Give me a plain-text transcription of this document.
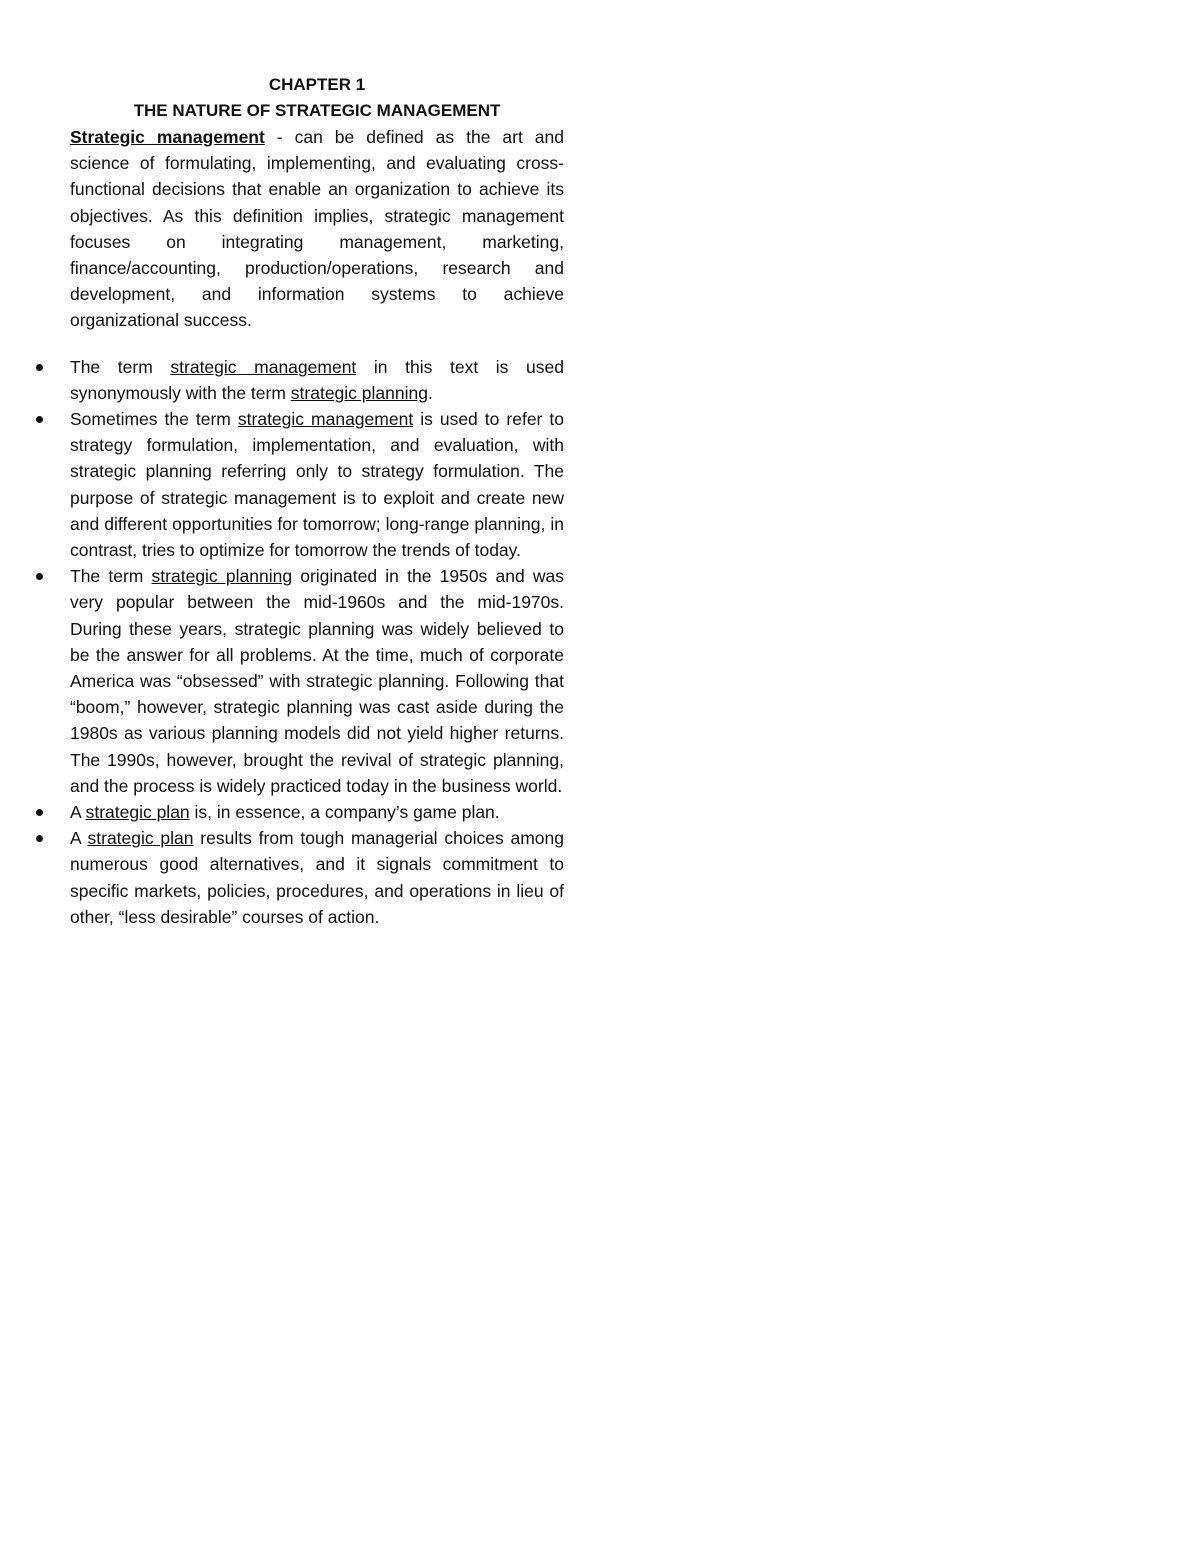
CHAPTER 1

THE NATURE OF STRATEGIC MANAGEMENT

Strategic management - can be defined as the art and science of formulating, implementing, and evaluating cross-functional decisions that enable an organization to achieve its objectives. As this definition implies, strategic management focuses on integrating management, marketing, finance/accounting, production/operations, research and development, and information systems to achieve organizational success.

The term strategic management in this text is used synonymously with the term strategic planning.
Sometimes the term strategic management is used to refer to strategy formulation, implementation, and evaluation, with strategic planning referring only to strategy formulation. The purpose of strategic management is to exploit and create new and different opportunities for tomorrow; long-range planning, in contrast, tries to optimize for tomorrow the trends of today.
The term strategic planning originated in the 1950s and was very popular between the mid-1960s and the mid-1970s. During these years, strategic planning was widely believed to be the answer for all problems. At the time, much of corporate America was “obsessed” with strategic planning. Following that “boom,” however, strategic planning was cast aside during the 1980s as various planning models did not yield higher returns. The 1990s, however, brought the revival of strategic planning, and the process is widely practiced today in the business world.
A strategic plan is, in essence, a company’s game plan.
A strategic plan results from tough managerial choices among numerous good alternatives, and it signals commitment to specific markets, policies, procedures, and operations in lieu of other, “less desirable” courses of action.
